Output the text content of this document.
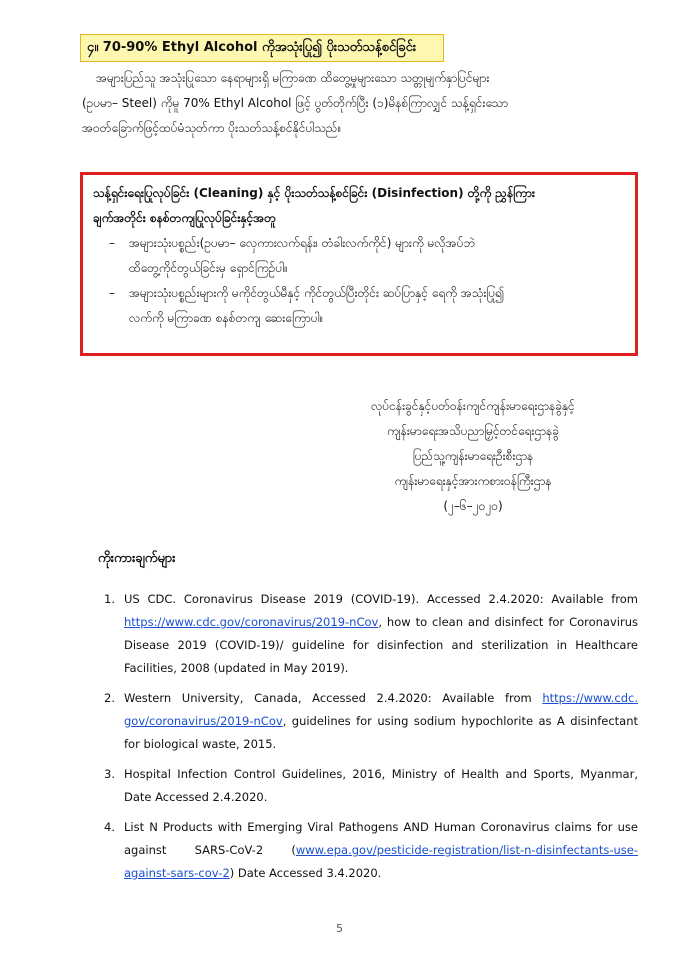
၄။ 70-90% Ethyl Alcohol ကိုအသုံးပြု၍ ပိုးသတ်သန့်စင်ခြင်း
အများပြည်သူ အသုံးပြုသော နေရာများရှိ မကြာခဏ ထိတွေ့မှုများသော သတ္တုမျက်နှာပြင်များ
(ဥပမာ– Steel) ကိုမူ 70% Ethyl Alcohol ဖြင့် ပွတ်တိုက်ပြီး (၁)မိနစ်ကြာလျှင် သန့်ရှင်းသော
အဝတ်ခြောက်ဖြင့်ထပ်မံသုတ်ကာ ပိုးသတ်သန့်စင်နိုင်ပါသည်။
သန့်ရှင်းရေးပြုလုပ်ခြင်း (Cleaning) နှင့် ပိုးသတ်သန့်စင်ခြင်း (Disinfection) တို့ကို ညွှန်ကြား
ချက်အတိုင်း စနစ်တကျပြုလုပ်ခြင်းနှင့်အတူ
– အများသုံးပစ္စည်း(ဥပမာ– လှေကားလက်ရန်း၊ တံခါးလက်ကိုင်) များကို မလိုအပ်ဘဲ
ထိတွေ့ကိုင်တွယ်ခြင်းမှ ရှောင်ကြဉ်ပါ။
– အများသုံးပစ္စည်းများကို မကိုင်တွယ်မီနှင့် ကိုင်တွယ်ပြီးတိုင်း ဆပ်ပြာနှင့် ရေကို အသုံးပြု၍
လက်ကို မကြာခဏ စနစ်တကျ ဆေးကြောပါ။
လုပ်ငန်းခွင်နှင့်ပတ်ဝန်းကျင်ကျန်းမာရေးဌာနခွဲနှင့်
ကျန်းမာရေးအသိပညာမြှင့်တင်ရေးဌာနခွဲ
ပြည်သူ့ကျန်းမာရေးဦးစီးဌာန
ကျန်းမာရေးနှင့်အားကစားဝန်ကြီးဌာန
(၂–၆–၂၀၂၀)
ကိုးကားချက်များ
1. US CDC. Coronavirus Disease 2019 (COVID-19). Accessed 2.4.2020: Available from
https://www.cdc.gov/coronavirus/2019-nCov, how to clean and disinfect for Coronavirus
Disease 2019 (COVID-19)/ guideline for disinfection and sterilization in Healthcare
Facilities, 2008 (updated in May 2019).
2. Western University, Canada, Accessed 2.4.2020: Available from https://www.cdc.
gov/coronavirus/2019-nCov, guidelines for using sodium hypochlorite as A disinfectant
for biological waste, 2015.
3. Hospital Infection Control Guidelines, 2016, Ministry of Health and Sports, Myanmar,
Date Accessed 2.4.2020.
4. List N Products with Emerging Viral Pathogens AND Human Coronavirus claims for use
against SARS-CoV-2 (www.epa.gov/pesticide-registration/list-n-disinfectants-use-
against-sars-cov-2) Date Accessed 3.4.2020.
5
